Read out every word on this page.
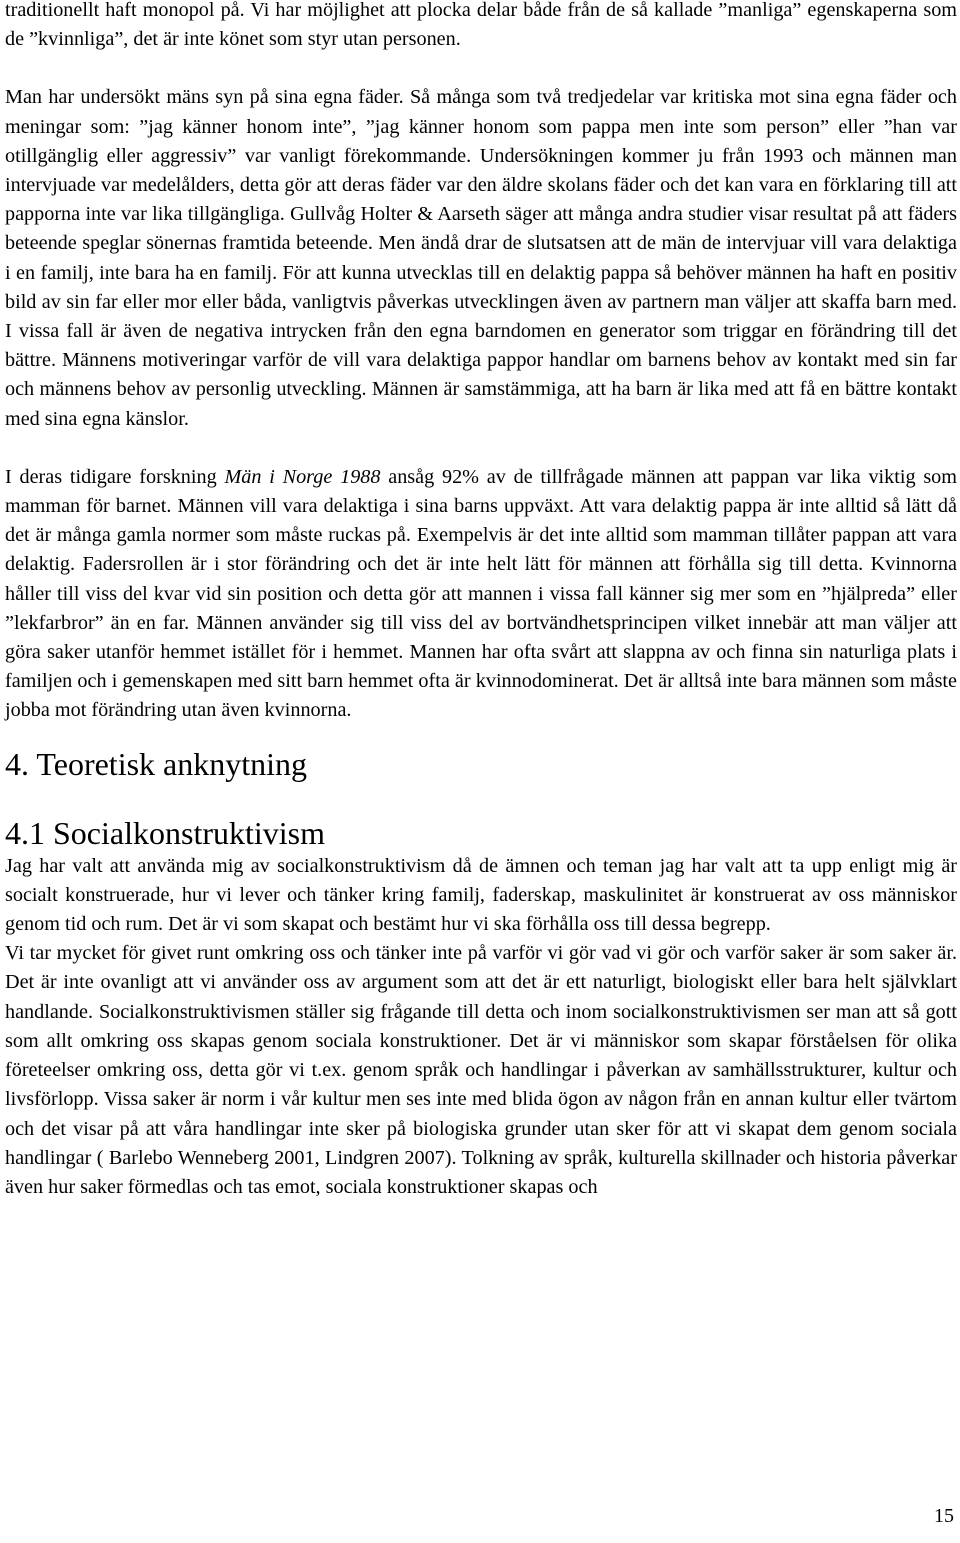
traditionellt haft monopol på. Vi har möjlighet att plocka delar både från de så kallade ”manliga” egenskaperna som de ”kvinnliga”, det är inte könet som styr utan personen.

Man har undersökt mäns syn på sina egna fäder. Så många som två tredjedelar var kritiska mot sina egna fäder och meningar som: ”jag känner honom inte”, ”jag känner honom som pappa men inte som person” eller ”han var otillgänglig eller aggressiv” var vanligt förekommande. Undersökningen kommer ju från 1993 och männen man intervjuade var medelålders, detta gör att deras fäder var den äldre skolans fäder och det kan vara en förklaring till att papporna inte var lika tillgängliga. Gullvåg Holter & Aarseth säger att många andra studier visar resultat på att fäders beteende speglar sönernas framtida beteende. Men ändå drar de slutsatsen att de män de intervjuar vill vara delaktiga i en familj, inte bara ha en familj. För att kunna utvecklas till en delaktig pappa så behöver männen ha haft en positiv bild av sin far eller mor eller båda, vanligtvis påverkas utvecklingen även av partnern man väljer att skaffa barn med. I vissa fall är även de negativa intrycken från den egna barndomen en generator som triggar en förändring till det bättre. Männens motiveringar varför de vill vara delaktiga pappor handlar om barnens behov av kontakt med sin far och männens behov av personlig utveckling. Männen är samstämmiga, att ha barn är lika med att få en bättre kontakt med sina egna känslor.

I deras tidigare forskning Män i Norge 1988 ansåg 92% av de tillfrågade männen att pappan var lika viktig som mamman för barnet. Männen vill vara delaktiga i sina barns uppväxt. Att vara delaktig pappa är inte alltid så lätt då det är många gamla normer som måste ruckas på. Exempelvis är det inte alltid som mamman tillåter pappan att vara delaktig. Fadersrollen är i stor förändring och det är inte helt lätt för männen att förhålla sig till detta. Kvinnorna håller till viss del kvar vid sin position och detta gör att mannen i vissa fall känner sig mer som en ”hjälpreda” eller ”lekfarbror” än en far. Männen använder sig till viss del av bortvändhetsprincipen vilket innebär att man väljer att göra saker utanför hemmet istället för i hemmet. Mannen har ofta svårt att slappna av och finna sin naturliga plats i familjen och i gemenskapen med sitt barn hemmet ofta är kvinnodominerat. Det är alltså inte bara männen som måste jobba mot förändring utan även kvinnorna.

4. Teoretisk anknytning
4.1 Socialkonstruktivism

Jag har valt att använda mig av socialkonstruktivism då de ämnen och teman jag har valt att ta upp enligt mig är socialt konstruerade, hur vi lever och tänker kring familj, faderskap, maskulinitet är konstruerat av oss människor genom tid och rum. Det är vi som skapat och bestämt hur vi ska förhålla oss till dessa begrepp.

Vi tar mycket för givet runt omkring oss och tänker inte på varför vi gör vad vi gör och varför saker är som saker är. Det är inte ovanligt att vi använder oss av argument som att det är ett naturligt, biologiskt eller bara helt självklart handlande. Socialkonstruktivismen ställer sig frågande till detta och inom socialkonstruktivismen ser man att så gott som allt omkring oss skapas genom sociala konstruktioner. Det är vi människor som skapar förståelsen för olika företeelser omkring oss, detta gör vi t.ex. genom språk och handlingar i påverkan av samhällsstrukturer, kultur och livsförlopp. Vissa saker är norm i vår kultur men ses inte med blida ögon av någon från en annan kultur eller tvärtom och det visar på att våra handlingar inte sker på biologiska grunder utan sker för att vi skapat dem genom sociala handlingar ( Barlebo Wenneberg 2001, Lindgren 2007). Tolkning av språk, kulturella skillnader och historia påverkar även hur saker förmedlas och tas emot, sociala konstruktioner skapas och

15
